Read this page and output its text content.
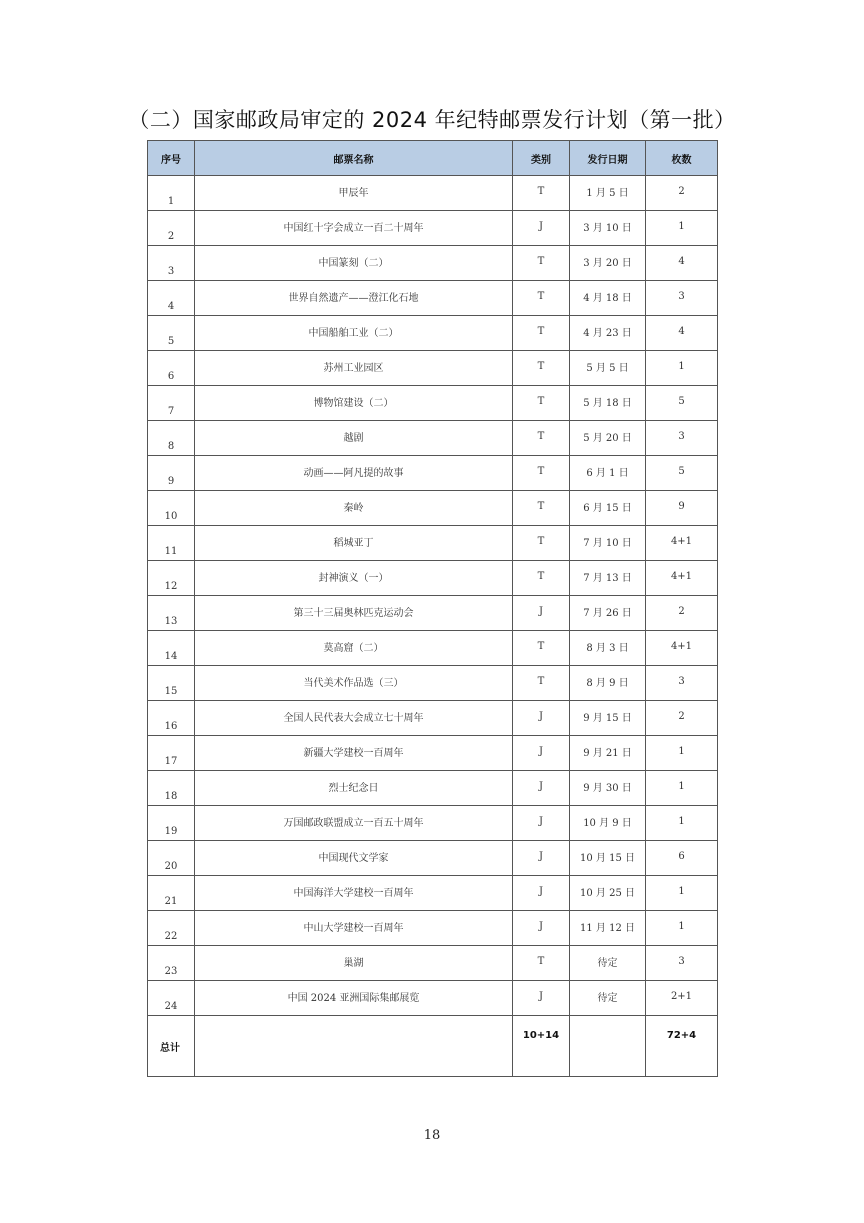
（二）国家邮政局审定的 2024 年纪特邮票发行计划（第一批）
序号	邮票名称	类别	发行日期	枚数
1	甲辰年	T	1 月 5 日	2
2	中国红十字会成立一百二十周年	J	3 月 10 日	1
3	中国篆刻（二）	T	3 月 20 日	4
4	世界自然遗产——澄江化石地	T	4 月 18 日	3
5	中国船舶工业（二）	T	4 月 23 日	4
6	苏州工业园区	T	5 月 5 日	1
7	博物馆建设（二）	T	5 月 18 日	5
8	越剧	T	5 月 20 日	3
9	动画——阿凡提的故事	T	6 月 1 日	5
10	秦岭	T	6 月 15 日	9
11	稻城亚丁	T	7 月 10 日	4+1
12	封神演义（一）	T	7 月 13 日	4+1
13	第三十三届奥林匹克运动会	J	7 月 26 日	2
14	莫高窟（二）	T	8 月 3 日	4+1
15	当代美术作品选（三）	T	8 月 9 日	3
16	全国人民代表大会成立七十周年	J	9 月 15 日	2
17	新疆大学建校一百周年	J	9 月 21 日	1
18	烈士纪念日	J	9 月 30 日	1
19	万国邮政联盟成立一百五十周年	J	10 月 9 日	1
20	中国现代文学家	J	10 月 15 日	6
21	中国海洋大学建校一百周年	J	10 月 25 日	1
22	中山大学建校一百周年	J	11 月 12 日	1
23	巢湖	T	待定	3
24	中国 2024 亚洲国际集邮展览	J	待定	2+1
总计		10+14		72+4
18
